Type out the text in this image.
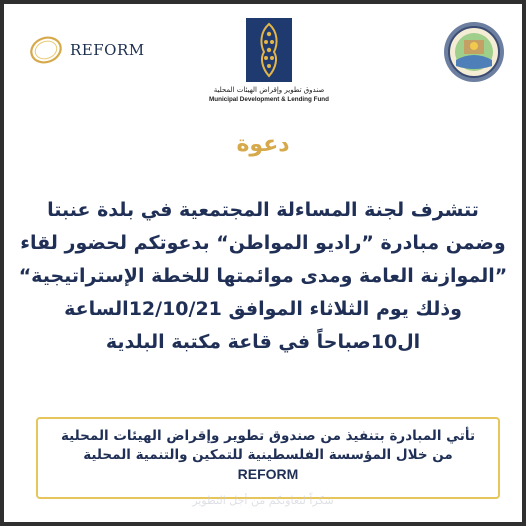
REFORM
صندوق تطوير وإقراض الهيئات المحلية
Municipal Development & Lending Fund
دعوة
تتشرف لجنة المساءلة المجتمعية في بلدة عنبتا
وضمن مبادرة ”راديو المواطن“ بدعوتكم لحضور لقاء
”الموازنة العامة ومدى موائمتها للخطة الإستراتيجية“
وذلك يوم الثلاثاء الموافق 12/10/21الساعة
ال10صباحاً في قاعة مكتبة البلدية
تأتي المبادرة بتنفيذ من صندوق تطوير وإقراض الهيئات المحلية
من خلال المؤسسة الفلسطينية للتمكين والتنمية المحلية
REFORM
شكراً لتعاونكم من أجل التطوير
